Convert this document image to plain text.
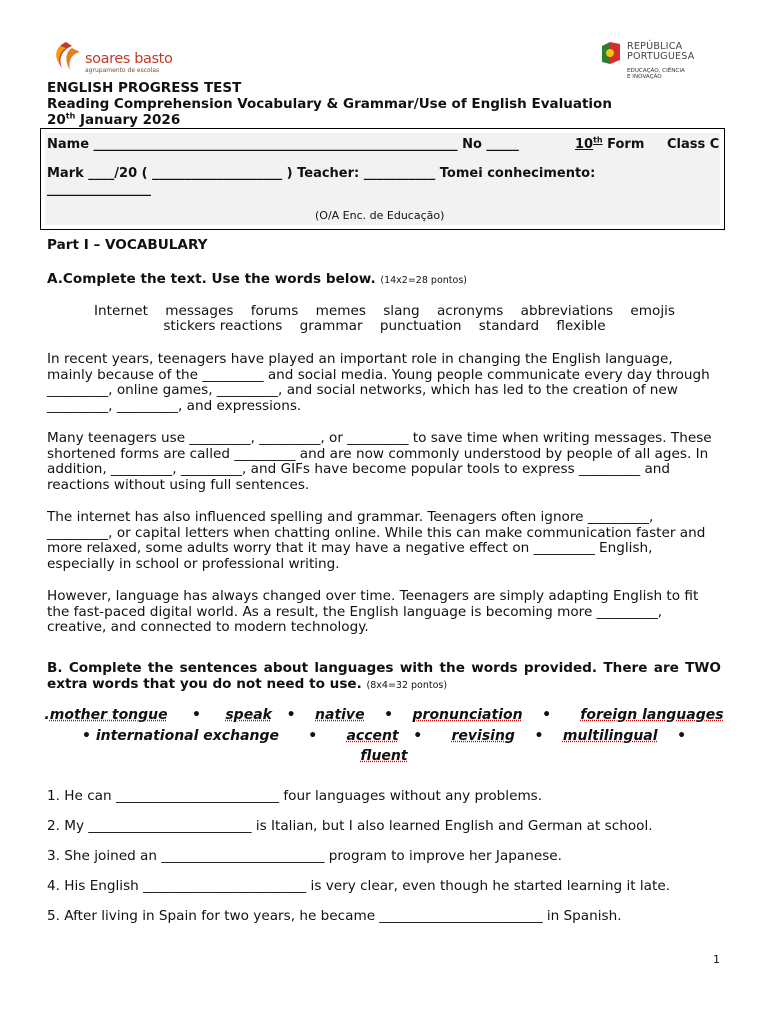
soares basto
agrupamento de escolas
REPÚBLICA
PORTUGUESA
EDUCAÇÃO, CIÊNCIA
E INOVAÇÃO
ENGLISH PROGRESS TEST
Reading Comprehension Vocabulary & Grammar/Use of English Evaluation
20th January 2026
Name ________________________________________________________ No _____	10th Form Class C
Mark ____/20 ( ____________________ ) Teacher: ___________ Tomei conhecimento:
________________
(O/A Enc. de Educação)
Part I – VOCABULARY
A.Complete the text. Use the words below. (14x2=28 pontos)
Internet    messages    forums    memes    slang    acronyms    abbreviations    emojis
stickers reactions    grammar    punctuation    standard    flexible
In recent years, teenagers have played an important role in changing the English language, mainly because of the _________ and social media. Young people communicate every day through _________, online games, _________, and social networks, which has led to the creation of new _________, _________, and expressions.
Many teenagers use _________, _________, or _________ to save time when writing messages. These shortened forms are called _________ and are now commonly understood by people of all ages. In addition, _________, _________, and GIFs have become popular tools to express _________ and reactions without using full sentences.
The internet has also influenced spelling and grammar. Teenagers often ignore _________, _________, or capital letters when chatting online. While this can make communication faster and more relaxed, some adults worry that it may have a negative effect on _________ English, especially in school or professional writing.
However, language has always changed over time. Teenagers are simply adapting English to fit the fast-paced digital world. As a result, the English language is becoming more _________, creative, and connected to modern technology.
B. Complete the sentences about languages with the words provided. There are TWO extra words that you do not need to use. (8x4=32 pontos)
.mother tongue • speak • native • pronunciation • foreign languages
• international exchange • accent • revising • multilingual •
fluent
1. He can ________________________ four languages without any problems.
2. My ________________________ is Italian, but I also learned English and German at school.
3. She joined an ________________________ program to improve her Japanese.
4. His English ________________________ is very clear, even though he started learning it late.
5. After living in Spain for two years, he became ________________________ in Spanish.
1
